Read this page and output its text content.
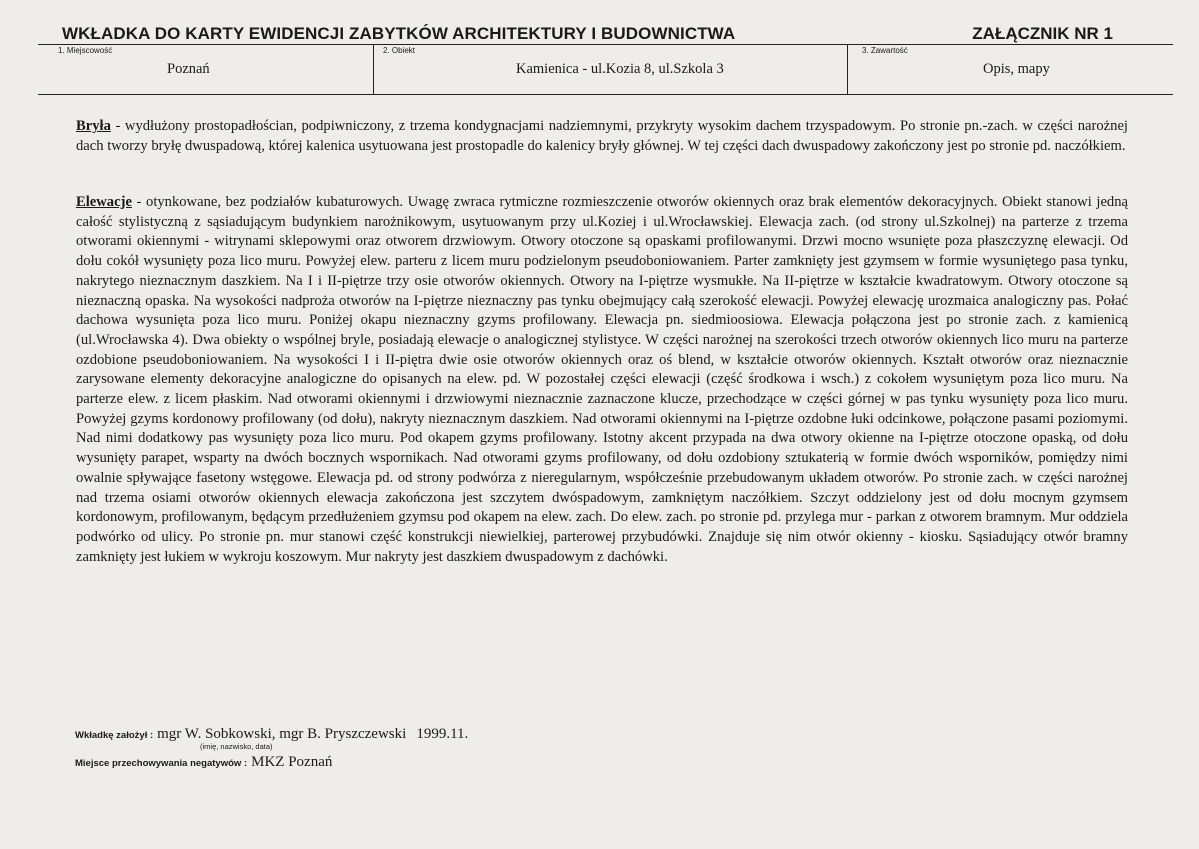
WKŁADKA DO KARTY EWIDENCJI ZABYTKÓW ARCHITEKTURY I BUDOWNICTWA	ZAŁĄCZNIK NR 1
1. Miejscowość
Poznań
2. Obiekt
Kamienica - ul.Kozia 8, ul.Szkola 3
3. Zawartość
Opis, mapy
Bryła - wydłużony prostopadłościan, podpiwniczony, z trzema kondygnacjami nadziemnymi, przykryty wysokim dachem trzyspadowym. Po stronie pn.-zach. w części narożnej dach tworzy bryłę dwuspadową, której kalenica usytuowana jest prostopadle do kalenicy bryły głównej. W tej części dach dwuspadowy zakończony jest po stronie pd. naczółkiem.
Elewacje - otynkowane, bez podziałów kubaturowych. Uwagę zwraca rytmiczne rozmieszczenie otworów okiennych oraz brak elementów dekoracyjnych. Obiekt stanowi jedną całość stylistyczną z sąsiadującym budynkiem narożnikowym, usytuowanym przy ul.Koziej i ul.Wrocławskiej. Elewacja zach. (od strony ul.Szkolnej) na parterze z trzema otworami okiennymi - witrynami sklepowymi oraz otworem drzwiowym. Otwory otoczone są opaskami profilowanymi. Drzwi mocno wsunięte poza płaszczyznę elewacji. Od dołu cokół wysunięty poza lico muru. Powyżej elew. parteru z licem muru podzielonym pseudoboniowaniem. Parter zamknięty jest gzymsem w formie wysuniętego pasa tynku, nakrytego nieznacznym daszkiem. Na I i II-piętrze trzy osie otworów okiennych. Otwory na I-piętrze wysmukłe. Na II-piętrze w kształcie kwadratowym. Otwory otoczone są nieznaczną opaska. Na wysokości nadproża otworów na I-piętrze nieznaczny pas tynku obejmujący całą szerokość elewacji. Powyżej elewację urozmaica analogiczny pas. Połać dachowa wysunięta poza lico muru. Poniżej okapu nieznaczny gzyms profilowany. Elewacja pn. siedmioosiowa. Elewacja połączona jest po stronie zach. z kamienicą (ul.Wrocławska 4). Dwa obiekty o wspólnej bryle, posiadają elewacje o analogicznej stylistyce. W części narożnej na szerokości trzech otworów okiennych lico muru na parterze ozdobione pseudoboniowaniem. Na wysokości I i II-piętra dwie osie otworów okiennych oraz oś blend, w kształcie otworów okiennych. Kształt otworów oraz nieznacznie zarysowane elementy dekoracyjne analogiczne do opisanych na elew. pd. W pozostałej części elewacji (część środkowa i wsch.) z cokołem wysuniętym poza lico muru. Na parterze elew. z licem płaskim. Nad otworami okiennymi i drzwiowymi nieznacznie zaznaczone klucze, przechodzące w części górnej w pas tynku wysunięty poza lico muru. Powyżej gzyms kordonowy profilowany (od dołu), nakryty nieznacznym daszkiem. Nad otworami okiennymi na I-piętrze ozdobne łuki odcinkowe, połączone pasami poziomymi. Nad nimi dodatkowy pas wysunięty poza lico muru. Pod okapem gzyms profilowany. Istotny akcent przypada na dwa otwory okienne na I-piętrze otoczone opaską, od dołu wysunięty parapet, wsparty na dwóch bocznych wspornikach. Nad otworami gzyms profilowany, od dołu ozdobiony sztukaterią w formie dwóch wsporników, pomiędzy nimi owalnie spływające fasetony wstęgowe. Elewacja pd. od strony podwórza z nieregularnym, współcześnie przebudowanym układem otworów. Po stronie zach. w części narożnej nad trzema osiami otworów okiennych elewacja zakończona jest szczytem dwóspadowym, zamkniętym naczółkiem. Szczyt oddzielony jest od dołu mocnym gzymsem kordonowym, profilowanym, będącym przedłużeniem gzymsu pod okapem na elew. zach. Do elew. zach. po stronie pd. przylega mur - parkan z otworem bramnym. Mur oddziela podwórko od ulicy. Po stronie pn. mur stanowi część konstrukcji niewielkiej, parterowej przybudówki. Znajduje się nim otwór okienny - kiosku. Sąsiadujący otwór bramny zamknięty jest łukiem w wykroju koszowym. Mur nakryty jest daszkiem dwuspadowym z dachówki.
Wkładkę założył : mgr W. Sobkowski, mgr B. Pryszczewski 1999.11.
(imię, nazwisko, data)
Miejsce przechowywania negatywów : MKZ Poznań
